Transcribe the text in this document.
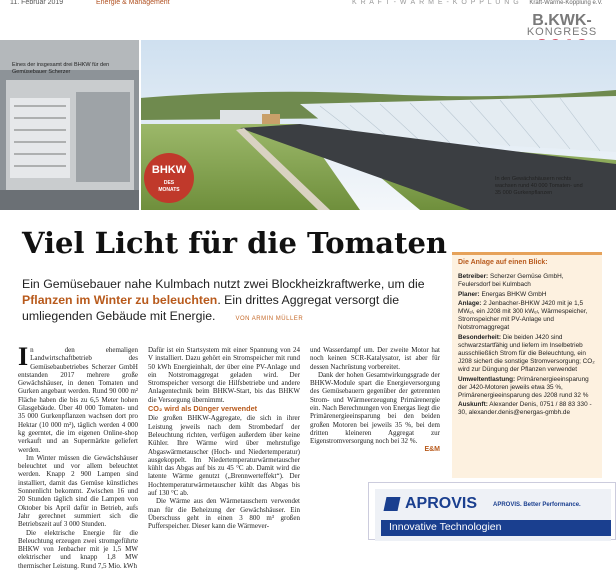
11. Februar 2019	Energie & Management	K R A F T - W Ä R M E - K O P P L U N G	Kraft-Wärme-Kopplung e.V.
B.KWK-
KONGRESS
Eines der insgesamt drei BHKW für den Gemüsebauer Scherzer
In den Gewächshäusern rechts wachsen rund 40 000 Tomaten- und 35 000 Gurkenpflanzen
BHKW
DES
MONATS
Viel Licht für die Tomaten
Ein Gemüsebauer nahe Kulmbach nutzt zwei Blockheizkraftwerke, um die Pflanzen im Winter zu beleuchten. Ein drittes Aggregat versorgt die umliegenden Gebäude mit Energie.	VON ARMIN MÜLLER
In den ehemaligen Landwirtschaftbetrieb des Gemüsebaubetriebes Scherzer GmbH entstanden 2017 mehrere große Gewächshäuser, in denen Tomaten und Gurken angebaut werden. Rund 90 000 m² Fläche haben die bis zu 6,5 Meter hohen Glasgebäude. Über 40 000 Tomaten- und 35 000 Gurkenpflanzen wachsen dort pro Hektar (10 000 m²), täglich werden 4 000 kg geerntet, die im eigenen Online-shop verkauft und an Supermärkte geliefert werden.

Im Winter müssen die Gewächshäuser beleuchtet und vor allem beleuchtet werden. Knapp 2 900 Lampen sind installiert, damit das Gemüse künstliches Sonnenlicht bekommt. Zwischen 16 und 20 Stunden täglich sind die Lampen von Oktober bis April dafür in Betrieb, aufs Jahr gerechnet summiert sich die Betriebszeit auf 3 000 Stunden.

Die elektrische Energie für die Beleuchtung erzeugen zwei stromgeführte BHKW von Jenbacher mit je 1,5 MW elektrischer und knapp 1,8 MW thermischer Leistung. Rund 7,5 Mio. kWh

Dafür ist ein Startsystem mit einer Spannung von 24 V installiert. Dazu gehört ein Stromspeicher mit rund 50 kWh Energieinhalt, der über eine PV-Anlage und ein Notstromaggregat geladen wird. Der Stromspeicher versorgt die Hilfsbetriebe und andere Anlagentechnik beim BHKW-Start, bis das BHKW die Versorgung übernimmt.

CO₂ wird als Dünger verwendet

Die großen BHKW-Aggregate, die sich in ihrer Leistung jeweils nach dem Strombedarf der Beleuchtung richten, verfügen außerdem über keine Kühler. Ihre Wärme wird über mehrstufige Abgaswärmetauscher (Hoch- und Niedertemperatur) ausgekoppelt. Im Niedertemperaturwärmetauscher kühlt das Abgas auf bis zu 45 °C ab. Damit wird die latente Wärme genutzt („Brennwerteffekt“). Der Hochtemperaturwärmetauscher kühlt das Abgas bis auf 130 °C ab.

Die Wärme aus den Wärmetauschern verwendet man für die Beheizung der Gewächshäuser. Ein Überschuss geht in einen 3 800 m³ großen Pufferspeicher. Dieser kann die Wärmever-

und Wasserdampf um. Der zweite Motor hat noch keinen SCR-Katalysator, ist aber für dessen Nachrüstung vorbereitet.

Dank der hohen Gesamtwirkungsgrade der BHKW-Module spart die Energieversorgung des Gemüsebauern gegenüber der getrennten Strom- und Wärmeerzeugung Primärenergie ein. Nach Berechnungen von Energas liegt die Primärenergieeinsparung bei den beiden großen Motoren bei jeweils 35 %, bei dem dritten kleineren Aggregat zur Eigenstromversorgung noch bei 32 %.

E&M
Die Anlage auf einen Blick:

Betreiber: Scherzer Gemüse GmbH, Feulersdorf bei Kulmbach

Planer: Energas BHKW GmbH

Anlage: 2 Jenbacher-BHKW J420 mit je 1,5 MWₑₗ, ein J208 mit 300 kWₑₗ, Wärmespeicher, Stromspeicher mit PV-Anlage und Notstromaggregat

Besonderheit: Die beiden J420 sind schwarzstartfähig und liefern im Inselbetrieb ausschließlich Strom für die Beleuchtung, ein J208 sichert die sonstige Stromversorgung; CO₂ wird zur Düngung der Pflanzen verwendet

Umweltentlastung: Primärenergieeinsparung der J420-Motoren jeweils etwa 35 %, Primärenergieeinsparung des J208 rund 32 %

Auskunft: Alexander Denis, 0751 / 88 83 330 - 30, alexander.denis@energas-gmbh.de

APROVIS	APROVIS. Better Performance.
Innovative Technologien
